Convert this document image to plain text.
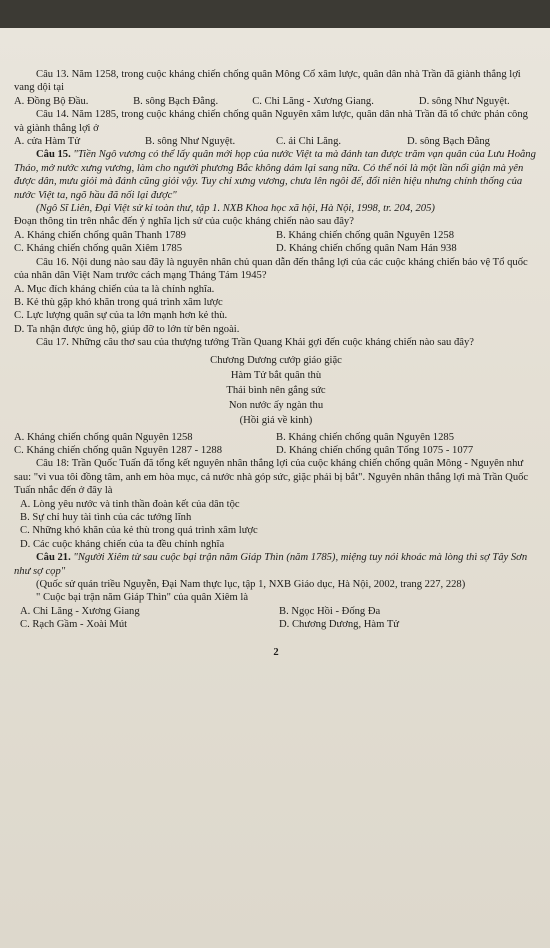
Câu 13. Năm 1258, trong cuộc kháng chiến chống quân Mông Cổ xâm lược, quân dân nhà Trần đã giành thắng lợi vang dội tại

A. Đồng Bộ Đầu.	B. sông Bạch Đằng.	C. Chi Lăng - Xương Giang.	D. sông Như Nguyệt.

Câu 14. Năm 1285, trong cuộc kháng chiến chống quân Nguyên xâm lược, quân dân nhà Trần đã tổ chức phản công và giành thắng lợi ở

A. cửa Hàm Tử	B. sông Như Nguyệt.	C. ải Chi Lăng.	D. sông Bạch Đằng

Câu 15. "Tiền Ngô vương có thể lấy quân mới họp của nước Việt ta mà đánh tan được trăm vạn quân của Lưu Hoằng Tháo, mở nước xưng vương, làm cho người phương Bắc không dám lại sang nữa. Có thể nói là một lần nổi giận mà yên được dân, mưu giỏi mà đánh cũng giỏi vậy. Tuy chỉ xưng vương, chưa lên ngôi đế, đổi niên hiệu nhưng chính thống của nước Việt ta, ngõ hầu đã nối lại được"

(Ngô Sĩ Liên, Đại Việt sử kí toàn thư, tập 1. NXB Khoa học xã hội, Hà Nội, 1998, tr. 204, 205)

Đoạn thông tin trên nhắc đến ý nghĩa lịch sử của cuộc kháng chiến nào sau đây?

A. Kháng chiến chống quân Thanh 1789	B. Kháng chiến chống quân Nguyên 1258
C. Kháng chiến chống quân Xiêm 1785	D. Kháng chiến chống quân Nam Hán 938

Câu 16. Nội dung nào sau đây là nguyên nhân chủ quan dẫn đến thắng lợi của các cuộc kháng chiến bảo vệ Tổ quốc của nhân dân Việt Nam trước cách mạng Tháng Tám 1945?

A. Mục đích kháng chiến của ta là chính nghĩa.

B. Kẻ thù gặp khó khăn trong quá trình xâm lược

C. Lực lượng quân sự của ta lớn mạnh hơn kẻ thù.

D. Ta nhận được ủng hộ, giúp đỡ to lớn từ bên ngoài.

Câu 17. Những câu thơ sau của thượng tướng Trần Quang Khải gợi đến cuộc kháng chiến nào sau đây?

Chương Dương cướp giáo giặc
Hàm Tử bắt quân thù
Thái bình nên gắng sức
Non nước ấy ngàn thu
(Hồi giá về kinh)
A. Kháng chiến chống quân Nguyên 1258	B. Kháng chiến chống quân Nguyên 1285
C. Kháng chiến chống quân Nguyên 1287 - 1288	D. Kháng chiến chống quân Tống 1075 - 1077

Câu 18: Trần Quốc Tuấn đã tổng kết nguyên nhân thắng lợi của cuộc kháng chiến chống quân Mông - Nguyên như sau: "vì vua tôi đồng tâm, anh em hòa mục, cả nước nhà góp sức, giặc phải bị bắt". Nguyên nhân thắng lợi mà Trần Quốc Tuấn nhắc đến ở đây là

A. Lòng yêu nước và tinh thần đoàn kết của dân tộc

B. Sự chỉ huy tài tình của các tướng lĩnh

C. Những khó khăn của kẻ thù trong quá trình xâm lược

D. Các cuộc kháng chiến của ta đều chính nghĩa

Câu 21. "Người Xiêm từ sau cuộc bại trận năm Giáp Thìn (năm 1785), miệng tuy nói khoác mà lòng thì sợ Tây Sơn như sợ cọp"

(Quốc sử quán triều Nguyễn, Đại Nam thực lục, tập 1, NXB Giáo dục, Hà Nội, 2002, trang 227, 228)

" Cuộc bại trận năm Giáp Thìn" của quân Xiêm là

A. Chi Lăng - Xương Giang	B. Ngọc Hồi - Đống Đa
C. Rạch Gầm - Xoài Mút	D. Chương Dương, Hàm Tử
2
